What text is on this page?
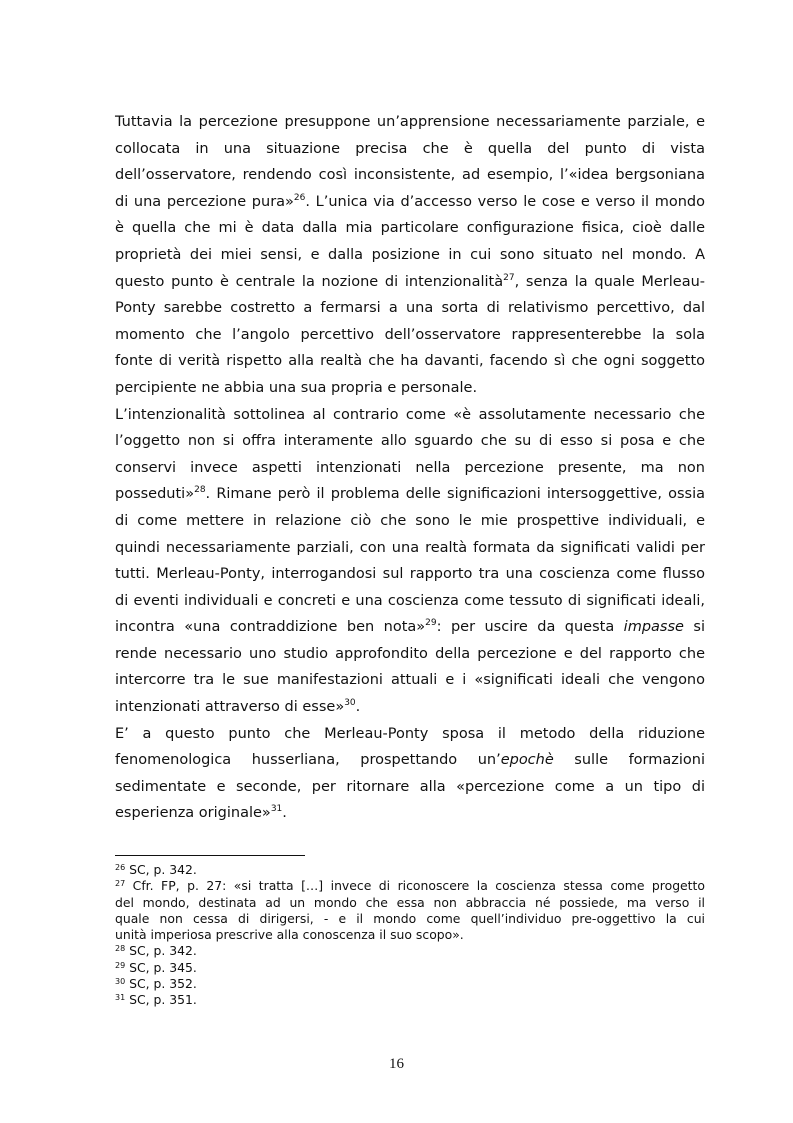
Tuttavia la percezione presuppone un’apprensione necessariamente parziale, e
collocata in una situazione precisa che è quella del punto di vista
dell’osservatore, rendendo così inconsistente, ad esempio, l’«idea bergsoniana
di una percezione pura»$^{26}$. L’unica via d’accesso verso le cose e verso il mondo
è quella che mi è data dalla mia particolare configurazione fisica, cioè dalle
proprietà dei miei sensi, e dalla posizione in cui sono situato nel mondo. A
questo punto è centrale la nozione di intenzionalità$^{27}$, senza la quale Merleau-
Ponty sarebbe costretto a fermarsi a una sorta di relativismo percettivo, dal
momento che l’angolo percettivo dell’osservatore rappresenterebbe la sola
fonte di verità rispetto alla realtà che ha davanti, facendo sì che ogni soggetto
percipiente ne abbia una sua propria e personale.
L’intenzionalità sottolinea al contrario come «è assolutamente necessario che
l’oggetto non si offra interamente allo sguardo che su di esso si posa e che
conservi invece aspetti intenzionati nella percezione presente, ma non
posseduti»$^{28}$. Rimane però il problema delle significazioni intersoggettive, ossia
di come mettere in relazione ciò che sono le mie prospettive individuali, e
quindi necessariamente parziali, con una realtà formata da significati validi per
tutti. Merleau-Ponty, interrogandosi sul rapporto tra una coscienza come flusso
di eventi individuali e concreti e una coscienza come tessuto di significati ideali,
incontra «una contraddizione ben nota»$^{29}$: per uscire da questa impasse si
rende necessario uno studio approfondito della percezione e del rapporto che
intercorre tra le sue manifestazioni attuali e i «significati ideali che vengono
intenzionati attraverso di esse»$^{30}$.
E’ a questo punto che Merleau-Ponty sposa il metodo della riduzione
fenomenologica husserliana, prospettando un’epochè sulle formazioni
sedimentate e seconde, per ritornare alla «percezione come a un tipo di
esperienza originale»$^{31}$.
$^{26}$ SC, p. 342.
$^{27}$ Cfr. FP, p. 27: «si tratta […] invece di riconoscere la coscienza stessa come progetto
del mondo, destinata ad un mondo che essa non abbraccia né possiede, ma verso il
quale non cessa di dirigersi, - e il mondo come quell’individuo pre-oggettivo la cui
unità imperiosa prescrive alla conoscenza il suo scopo».
$^{28}$ SC, p. 342.
$^{29}$ SC, p. 345.
$^{30}$ SC, p. 352.
$^{31}$ SC, p. 351.
16
